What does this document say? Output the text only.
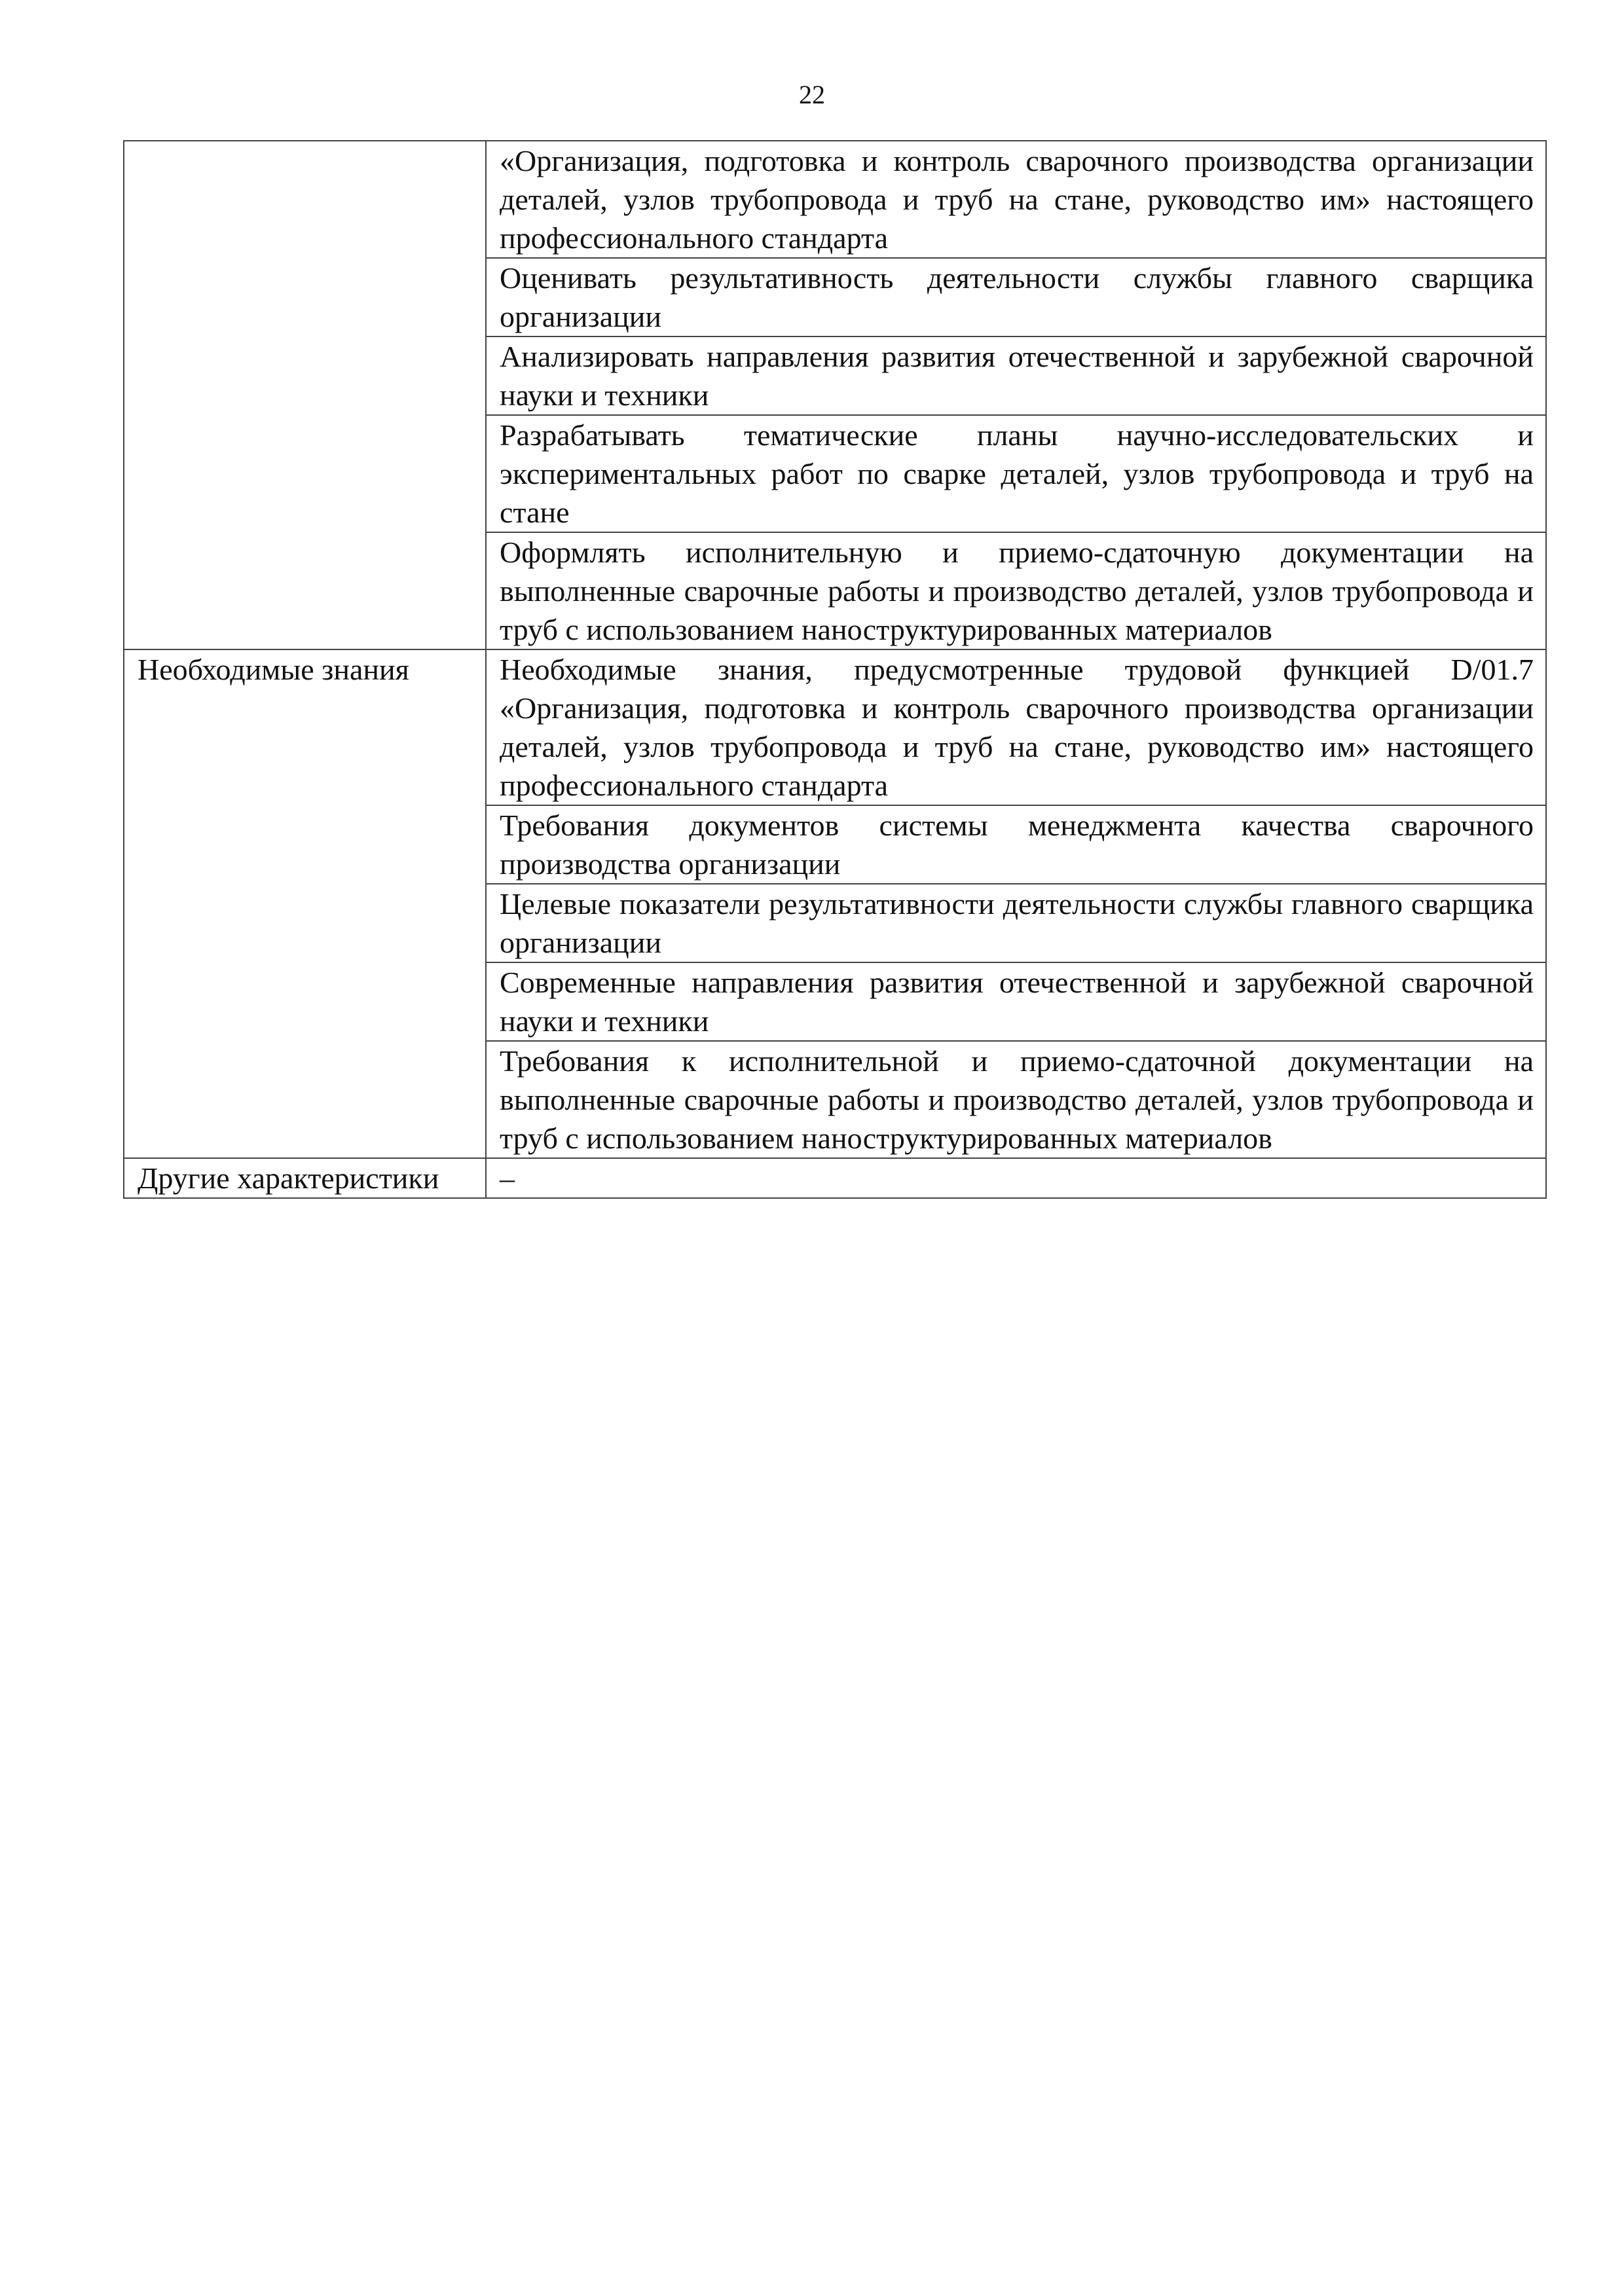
22
	«Организация, подготовка и контроль сварочного производства организации деталей, узлов трубопровода и труб на стане, руководство им» настоящего профессионального стандарта
	Оценивать результативность деятельности службы главного сварщика организации
	Анализировать направления развития отечественной и зарубежной сварочной науки и техники
	Разрабатывать тематические планы научно-исследовательских и экспериментальных работ по сварке деталей, узлов трубопровода и труб на стане
	Оформлять исполнительную и приемо-сдаточную документации на выполненные сварочные работы и производство деталей, узлов трубопровода и труб с использованием наноструктурированных материалов
Необходимые знания	Необходимые знания, предусмотренные трудовой функцией D/01.7 «Организация, подготовка и контроль сварочного производства организации деталей, узлов трубопровода и труб на стане, руководство им» настоящего профессионального стандарта
	Требования документов системы менеджмента качества сварочного производства организации
	Целевые показатели результативности деятельности службы главного сварщика организации
	Современные направления развития отечественной и зарубежной сварочной науки и техники
	Требования к исполнительной и приемо-сдаточной документации на выполненные сварочные работы и производство деталей, узлов трубопровода и труб с использованием наноструктурированных материалов
Другие характеристики	–
